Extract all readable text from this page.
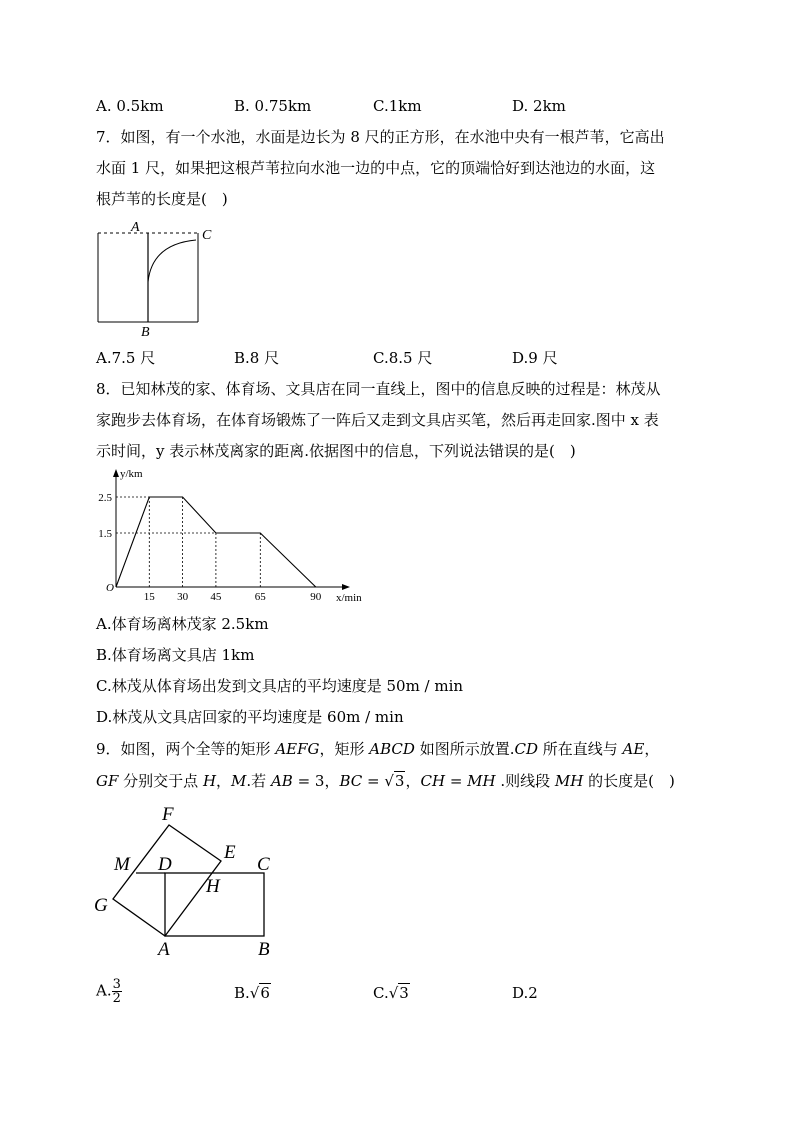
A. 0.5km	B. 0.75km	C.1km	D. 2km
7．如图，有一个水池，水面是边长为 8 尺的正方形，在水池中央有一根芦苇，它高出
水面 1 尺，如果把这根芦苇拉向水池一边的中点，它的顶端恰好到达池边的水面，这
根芦苇的长度是(　)
A
C
B
A.7.5 尺	B.8 尺	C.8.5 尺	D.9 尺
8．已知林茂的家、体育场、文具店在同一直线上，图中的信息反映的过程是：林茂从
家跑步去体育场，在体育场锻炼了一阵后又走到文具店买笔，然后再走回家.图中 x 表
示时间，y 表示林茂离家的距离.依据图中的信息，下列说法错误的是(　)
15 30 45	65	90
2.5
1.5
O
y/km
x/min
A.体育场离林茂家 2.5km
B.体育场离文具店 1km
C.林茂从体育场出发到文具店的平均速度是 50m / min
D.林茂从文具店回家的平均速度是 60m / min
9．如图，两个全等的矩形 AEFG，矩形 ABCD 如图所示放置.CD 所在直线与 AE，
GF 分别交于点 H，M.若 AB = 3，BC = √3，CH = MH .则线段 MH 的长度是(　)
F
E
M D	C
H
G
A	B
A. $\frac{3}{2}$	B.√6	C.√3	D.2
